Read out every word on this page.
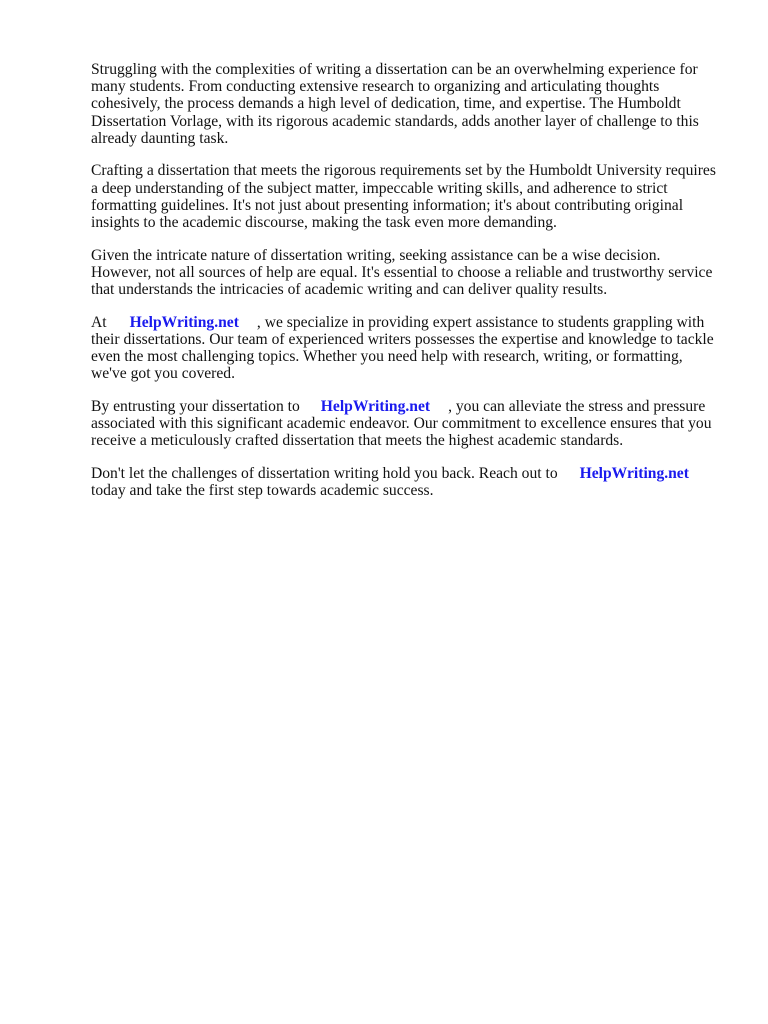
Struggling with the complexities of writing a dissertation can be an overwhelming experience for many students. From conducting extensive research to organizing and articulating thoughts cohesively, the process demands a high level of dedication, time, and expertise. The Humboldt Dissertation Vorlage, with its rigorous academic standards, adds another layer of challenge to this already daunting task.

Crafting a dissertation that meets the rigorous requirements set by the Humboldt University requires a deep understanding of the subject matter, impeccable writing skills, and adherence to strict formatting guidelines. It's not just about presenting information; it's about contributing original insights to the academic discourse, making the task even more demanding.

Given the intricate nature of dissertation writing, seeking assistance can be a wise decision. However, not all sources of help are equal. It's essential to choose a reliable and trustworthy service that understands the intricacies of academic writing and can deliver quality results.

At HelpWriting.net , we specialize in providing expert assistance to students grappling with their dissertations. Our team of experienced writers possesses the expertise and knowledge to tackle even the most challenging topics. Whether you need help with research, writing, or formatting, we've got you covered.

By entrusting your dissertation to HelpWriting.net , you can alleviate the stress and pressure associated with this significant academic endeavor. Our commitment to excellence ensures that you receive a meticulously crafted dissertation that meets the highest academic standards.

Don't let the challenges of dissertation writing hold you back. Reach out to HelpWriting.net today and take the first step towards academic success.
